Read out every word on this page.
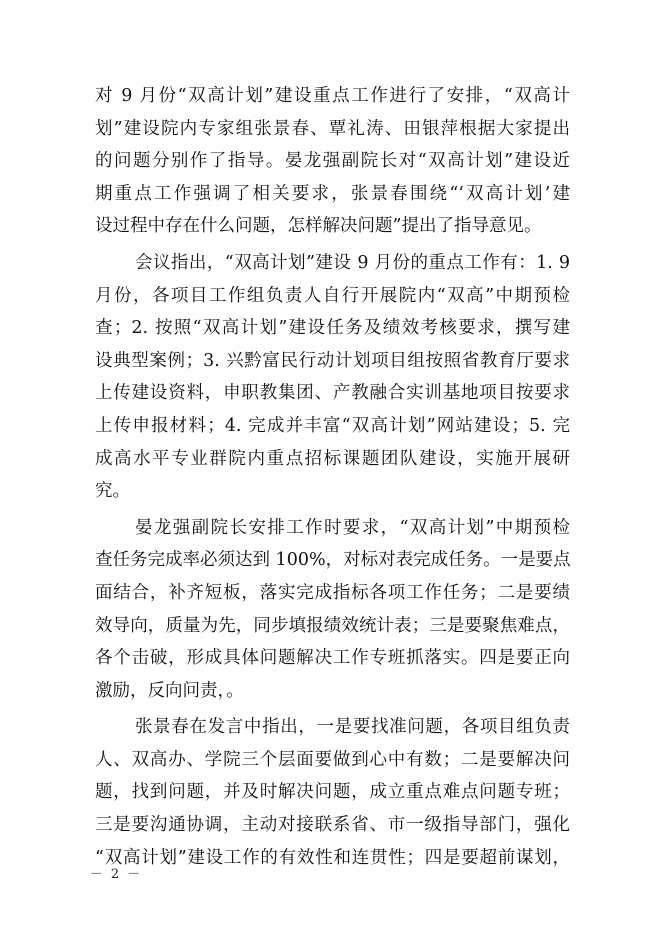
对 9 月份“双高计划”建设重点工作进行了安排，“双高计
划”建设院内专家组张景春、覃礼涛、田银萍根据大家提出
的问题分别作了指导。晏龙强副院长对“双高计划”建设近
期重点工作强调了相关要求，张景春围绕“‘双高计划’建
设过程中存在什么问题，怎样解决问题”提出了指导意见。
会议指出，“双高计划”建设 9 月份的重点工作有：1. 9
月份，各项目工作组负责人自行开展院内“双高”中期预检
查；2. 按照“双高计划”建设任务及绩效考核要求，撰写建
设典型案例；3. 兴黔富民行动计划项目组按照省教育厅要求
上传建设资料，申职教集团、产教融合实训基地项目按要求
上传申报材料；4. 完成并丰富“双高计划”网站建设；5. 完
成高水平专业群院内重点招标课题团队建设，实施开展研
究。
晏龙强副院长安排工作时要求，“双高计划”中期预检
查任务完成率必须达到 100%，对标对表完成任务。一是要点
面结合，补齐短板，落实完成指标各项工作任务；二是要绩
效导向，质量为先，同步填报绩效统计表；三是要聚焦难点，
各个击破，形成具体问题解决工作专班抓落实。四是要正向
激励，反向问责，。
张景春在发言中指出，一是要找准问题，各项目组负责
人、双高办、学院三个层面要做到心中有数；二是要解决问
题，找到问题，并及时解决问题，成立重点难点问题专班；
三是要沟通协调，主动对接联系省、市一级指导部门，强化
“双高计划”建设工作的有效性和连贯性；四是要超前谋划，
－ 2 －
